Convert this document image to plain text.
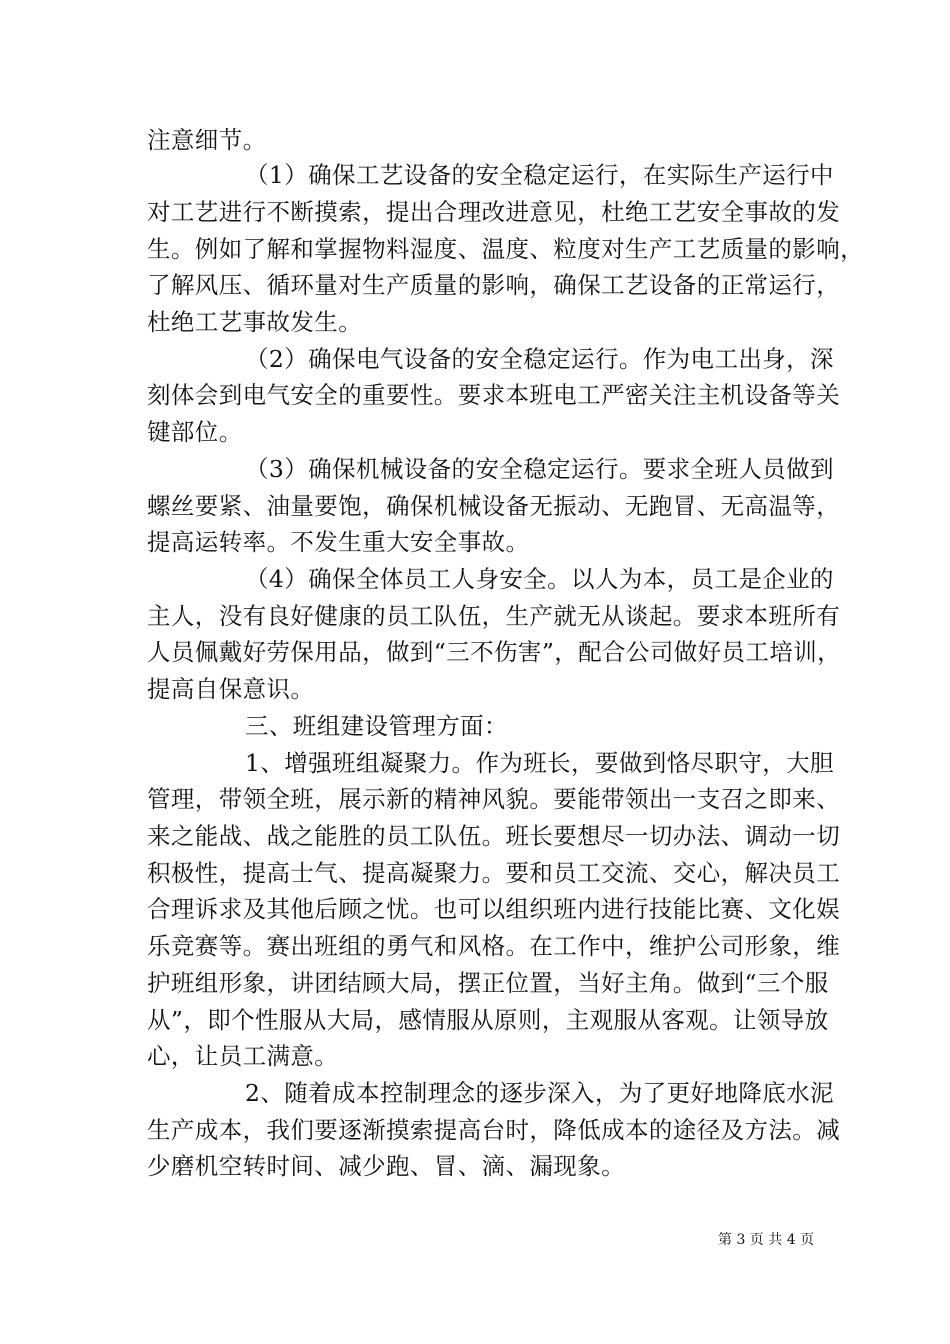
注意细节。
（1）确保工艺设备的安全稳定运行，在实际生产运行中
对工艺进行不断摸索，提出合理改进意见，杜绝工艺安全事故的发
生。例如了解和掌握物料湿度、温度、粒度对生产工艺质量的影响，
了解风压、循环量对生产质量的影响，确保工艺设备的正常运行，
杜绝工艺事故发生。
（2）确保电气设备的安全稳定运行。作为电工出身，深
刻体会到电气安全的重要性。要求本班电工严密关注主机设备等关
键部位。
（3）确保机械设备的安全稳定运行。要求全班人员做到
螺丝要紧、油量要饱，确保机械设备无振动、无跑冒、无高温等，
提高运转率。不发生重大安全事故。
（4）确保全体员工人身安全。以人为本，员工是企业的
主人，没有良好健康的员工队伍，生产就无从谈起。要求本班所有
人员佩戴好劳保用品，做到“三不伤害”，配合公司做好员工培训，
提高自保意识。
三、班组建设管理方面：
1、增强班组凝聚力。作为班长，要做到恪尽职守，大胆
管理，带领全班，展示新的精神风貌。要能带领出一支召之即来、
来之能战、战之能胜的员工队伍。班长要想尽一切办法、调动一切
积极性，提高士气、提高凝聚力。要和员工交流、交心，解决员工
合理诉求及其他后顾之忧。也可以组织班内进行技能比赛、文化娱
乐竞赛等。赛出班组的勇气和风格。在工作中，维护公司形象，维
护班组形象，讲团结顾大局，摆正位置，当好主角。做到“三个服
从”，即个性服从大局，感情服从原则，主观服从客观。让领导放
心，让员工满意。
2、随着成本控制理念的逐步深入，为了更好地降底水泥
生产成本，我们要逐渐摸索提高台时，降低成本的途径及方法。减
少磨机空转时间、减少跑、冒、滴、漏现象。
第 3 页 共 4 页
